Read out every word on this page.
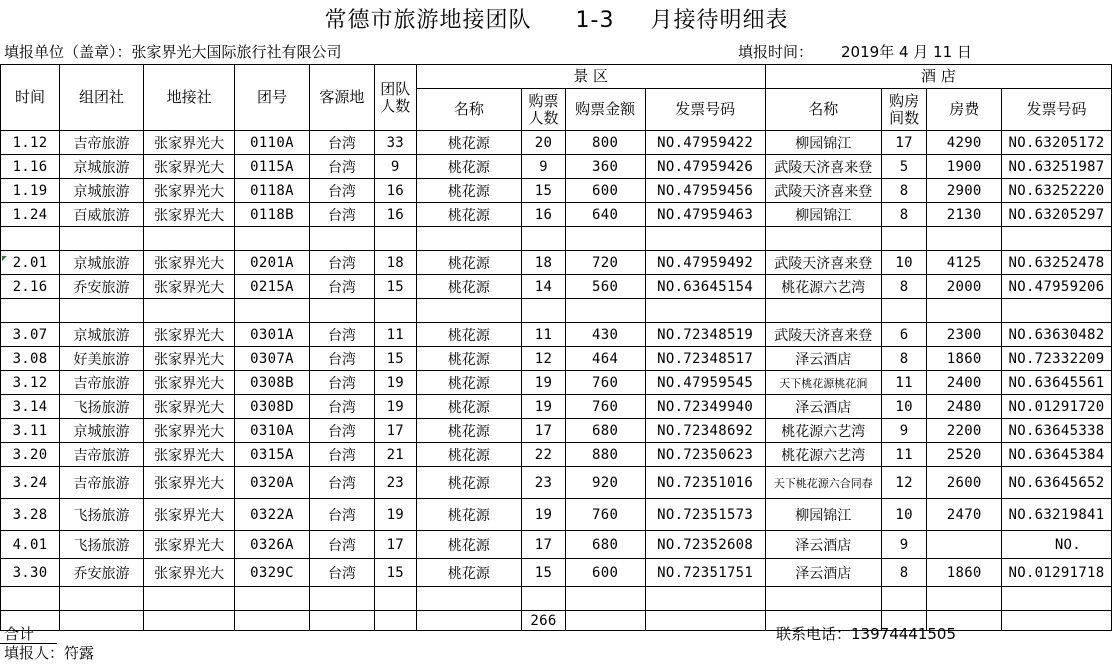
常德市旅游地接团队 1-3 月接待明细表
填报单位（盖章）：张家界光大国际旅行社有限公司	填报时间： 2019年 4 月 11 日
时间	组团社	地接社	团号	客源地	团队人数	景 区				酒 店			
						名称	购票人数	购票金额	发票号码	名称	购房间数	房费	发票号码
1.12	吉帝旅游	张家界光大	0110A	台湾	33	桃花源	20	800	NO.47959422	柳园锦江	17	4290	NO.63205172
1.16	京城旅游	张家界光大	0115A	台湾	9	桃花源	9	360	NO.47959426	武陵天济喜来登	5	1900	NO.63251987
1.19	京城旅游	张家界光大	0118A	台湾	16	桃花源	15	600	NO.47959456	武陵天济喜来登	8	2900	NO.63252220
1.24	百威旅游	张家界光大	0118B	台湾	16	桃花源	16	640	NO.47959463	柳园锦江	8	2130	NO.63205297

2.01	京城旅游	张家界光大	0201A	台湾	18	桃花源	18	720	NO.47959492	武陵天济喜来登	10	4125	NO.63252478
2.16	乔安旅游	张家界光大	0215A	台湾	15	桃花源	14	560	NO.63645154	桃花源六艺湾	8	2000	NO.47959206

3.07	京城旅游	张家界光大	0301A	台湾	11	桃花源	11	430	NO.72348519	武陵天济喜来登	6	2300	NO.63630482
3.08	好美旅游	张家界光大	0307A	台湾	15	桃花源	12	464	NO.72348517	泽云酒店	8	1860	NO.72332209
3.12	吉帝旅游	张家界光大	0308B	台湾	19	桃花源	19	760	NO.47959545	天下桃花源桃花涧	11	2400	NO.63645561
3.14	飞扬旅游	张家界光大	0308D	台湾	19	桃花源	19	760	NO.72349940	泽云酒店	10	2480	NO.01291720
3.11	京城旅游	张家界光大	0310A	台湾	17	桃花源	17	680	NO.72348692	桃花源六艺湾	9	2200	NO.63645338
3.20	吉帝旅游	张家界光大	0315A	台湾	21	桃花源	22	880	NO.72350623	桃花源六艺湾	11	2520	NO.63645384
3.24	吉帝旅游	张家界光大	0320A	台湾	23	桃花源	23	920	NO.72351016	天下桃花源六合同春	12	2600	NO.63645652
3.28	飞扬旅游	张家界光大	0322A	台湾	19	桃花源	19	760	NO.72351573	柳园锦江	10	2470	NO.63219841
4.01	飞扬旅游	张家界光大	0326A	台湾	17	桃花源	17	680	NO.72352608	泽云酒店	9		NO.
3.30	乔安旅游	张家界光大	0329C	台湾	15	桃花源	15	600	NO.72351751	泽云酒店	8	1860	NO.01291718

							266						
合计	联系电话：13974441505
填报人：符露
